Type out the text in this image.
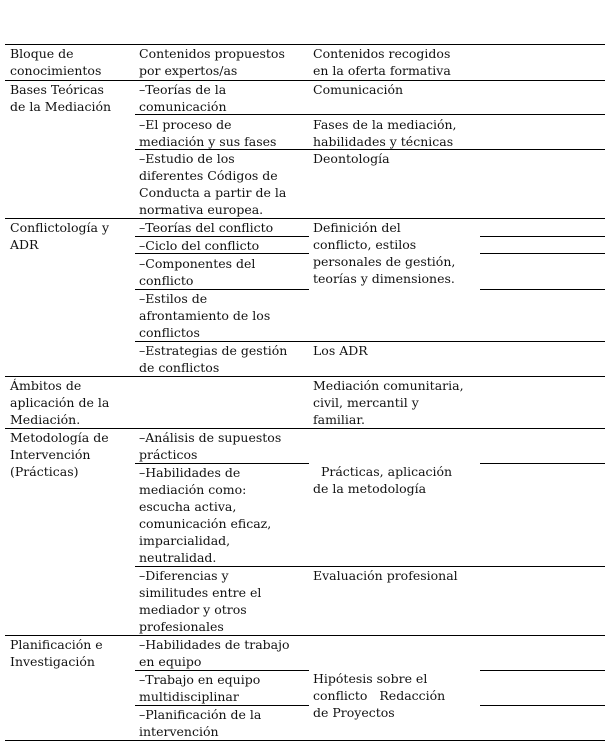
Bloque de
conocimientos
Contenidos propuestos
por expertos/as
Contenidos recogidos
en la oferta formativa
Bases Teóricas
de la Mediación
–Teorías de la
comunicación
–El proceso de
mediación y sus fases
–Estudio de los
diferentes Códigos de
Conducta a partir de la
normativa europea.
Comunicación
Fases de la mediación,
habilidades y técnicas
Deontología
Conflictología y
ADR
–Teorías del conflicto
–Ciclo del conflicto
–Componentes del
conflicto
–Estilos de
afrontamiento de los
conflictos
–Estrategias de gestión
de conflictos
Definición del
conflicto, estilos
personales de gestión,
teorías y dimensiones.
Los ADR
Ámbitos de
aplicación de la
Mediación.
Mediación comunitaria,
civil, mercantil y
familiar.
Metodología de
Intervención
(Prácticas)
–Análisis de supuestos
prácticos
–Habilidades de
mediación como:
escucha activa,
comunicación eficaz,
imparcialidad,
neutralidad.
–Diferencias y
similitudes entre el
mediador y otros
profesionales

Prácticas, aplicación
de la metodología

Evaluación profesional
Planificación e
Investigación
–Habilidades de trabajo
en equipo
–Trabajo en equipo
multidisciplinar
–Planificación de la
intervención

Hipótesis sobre el
conflicto   Redacción
de Proyectos
